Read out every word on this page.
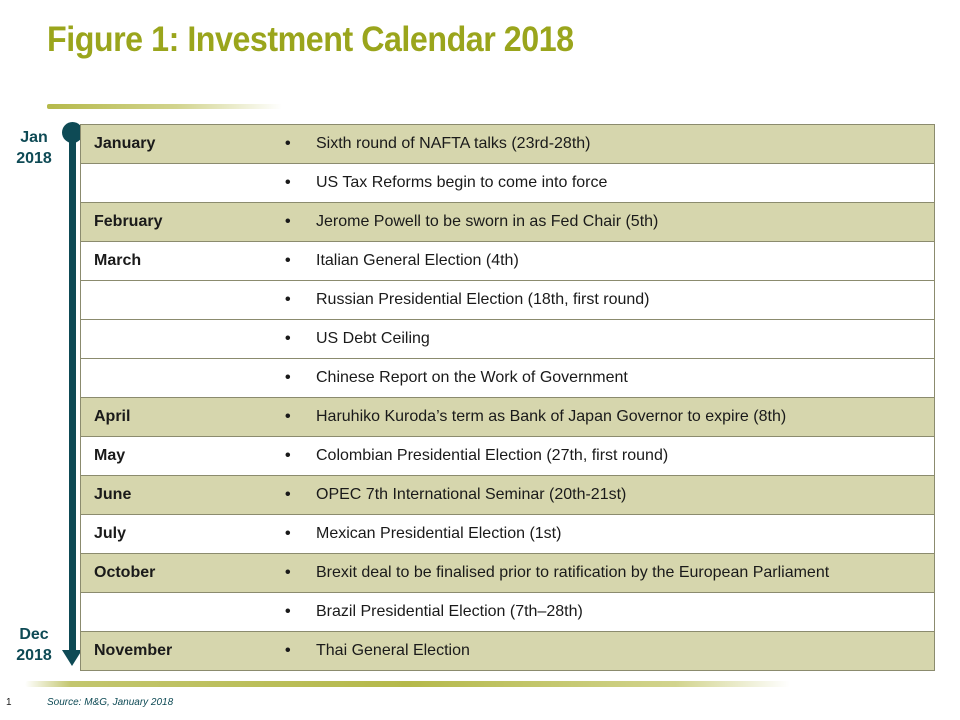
Figure 1: Investment Calendar 2018
Jan
2018
Dec
2018
January	• Sixth round of NAFTA talks (23rd-28th)
	• US Tax Reforms begin to come into force
February	• Jerome Powell to be sworn in as Fed Chair (5th)
March	• Italian General Election (4th)
	• Russian Presidential Election (18th, first round)
	• US Debt Ceiling
	• Chinese Report on the Work of Government
April	• Haruhiko Kuroda’s term as Bank of Japan Governor to expire (8th)
May	• Colombian Presidential Election (27th, first round)
June	• OPEC 7th International Seminar (20th-21st)
July	• Mexican Presidential Election (1st)
October	• Brexit deal to be finalised prior to ratification by the European Parliament
	• Brazil Presidential Election (7th–28th)
November	• Thai General Election
1	Source: M&G, January 2018
